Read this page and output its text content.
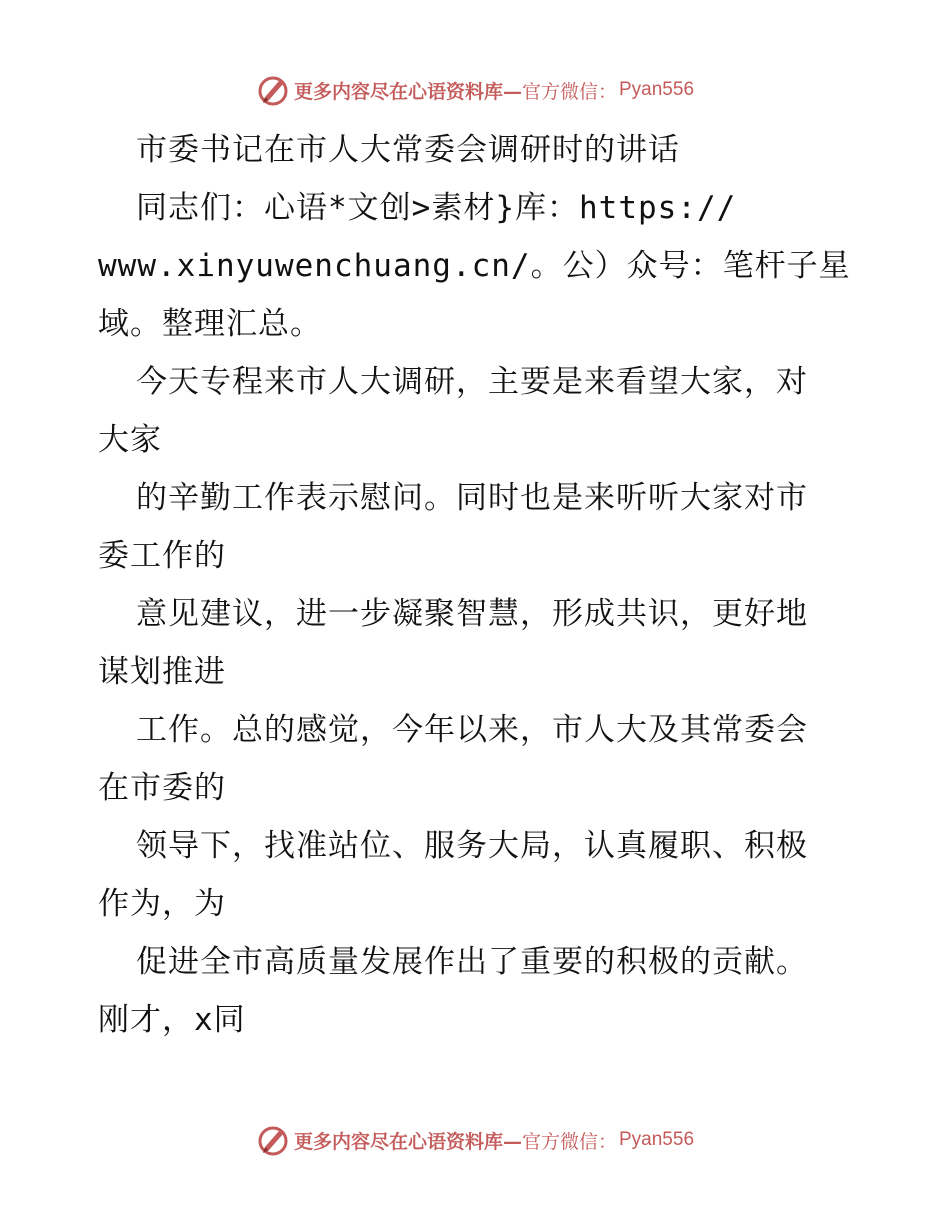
更多内容尽在心语资料库— 官方微信： Pyan556
市委书记在市人大常委会调研时的讲话
同志们：心语*文创>素材}库：https://
www.xinyuwenchuang.cn/。公）众号：笔杆子星
域。整理汇总。
今天专程来市人大调研，主要是来看望大家，对
大家
的辛勤工作表示慰问。同时也是来听听大家对市
委工作的
意见建议，进一步凝聚智慧，形成共识，更好地
谋划推进
工作。总的感觉，今年以来，市人大及其常委会
在市委的
领导下，找准站位、服务大局，认真履职、积极
作为，为
促进全市高质量发展作出了重要的积极的贡献。
刚才，x同
更多内容尽在心语资料库— 官方微信： Pyan556
